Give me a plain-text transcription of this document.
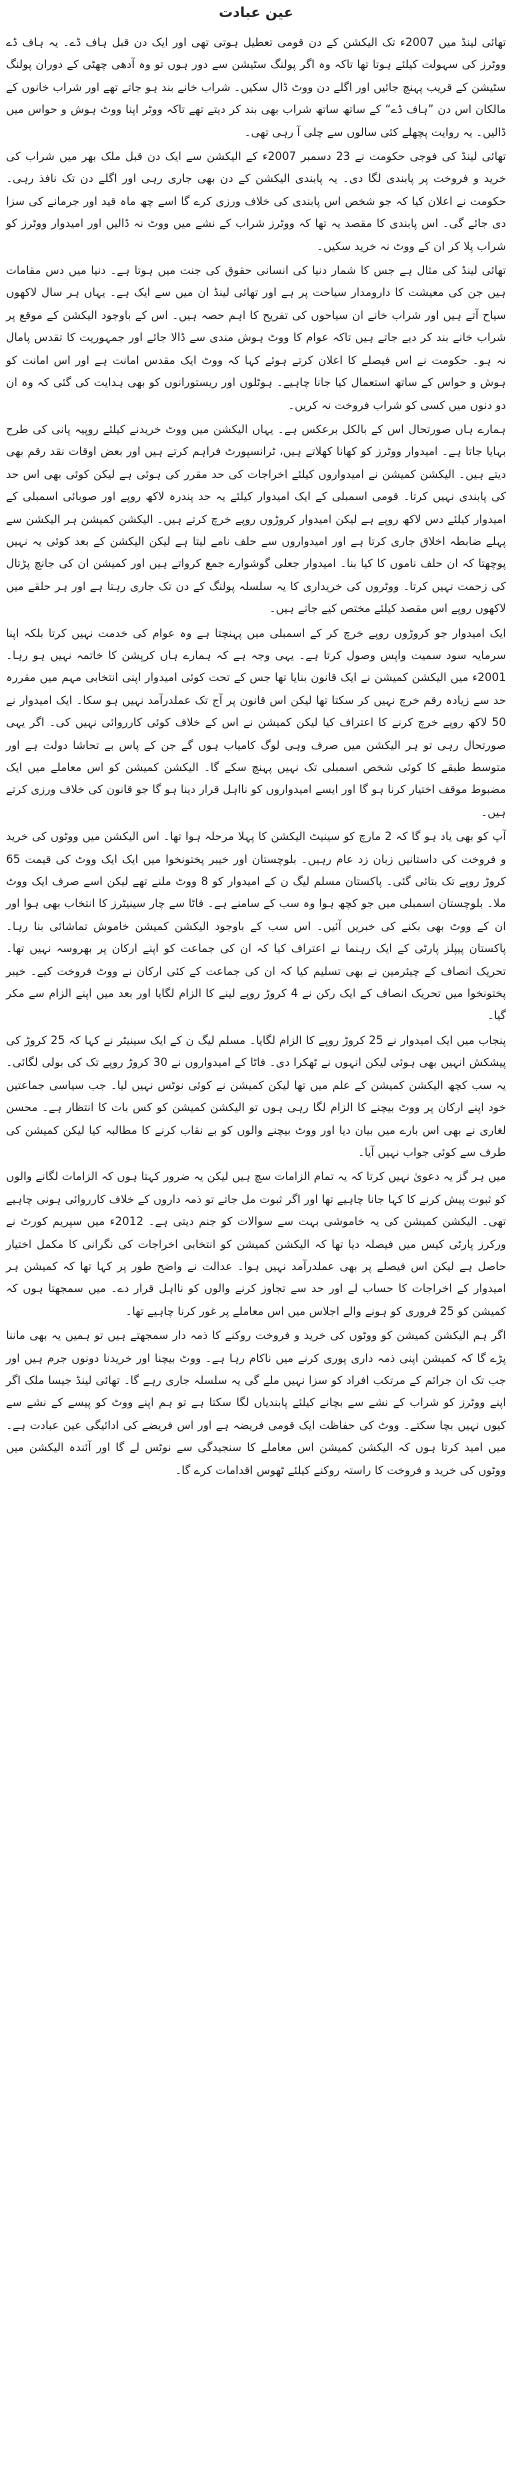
عین عبادت

تھائی لینڈ میں 2007ء تک الیکشن کے دن قومی تعطیل ہوتی تھی اور ایک دن قبل ہاف ڈے۔ یہ ہاف ڈے ووٹرز کی سہولت کیلئے ہوتا تھا تاکہ وہ اگر پولنگ سٹیشن سے دور ہوں تو وہ آدھی چھٹی کے دوران پولنگ سٹیشن کے قریب پہنچ جائیں اور اگلے دن ووٹ ڈال سکیں۔ شراب خانے بند ہو جاتے تھے اور شراب خانوں کے مالکان اس دن ”ہاف ڈے“ کے ساتھ ساتھ شراب بھی بند کر دیتے تھے تاکہ ووٹر اپنا ووٹ ہوش و حواس میں ڈالیں۔ یہ روایت پچھلے کئی سالوں سے چلی آ رہی تھی۔

تھائی لینڈ کی فوجی حکومت نے 23 دسمبر 2007ء کے الیکشن سے ایک دن قبل ملک بھر میں شراب کی خرید و فروخت پر پابندی لگا دی۔ یہ پابندی الیکشن کے دن بھی جاری رہی اور اگلے دن تک نافذ رہی۔ حکومت نے اعلان کیا کہ جو شخص اس پابندی کی خلاف ورزی کرے گا اسے چھ ماہ قید اور جرمانے کی سزا دی جائے گی۔ اس پابندی کا مقصد یہ تھا کہ ووٹرز شراب کے نشے میں ووٹ نہ ڈالیں اور امیدوار ووٹرز کو شراب پلا کر ان کے ووٹ نہ خرید سکیں۔

تھائی لینڈ کی مثال ہے جس کا شمار دنیا کی انسانی حقوق کی جنت میں ہوتا ہے۔ دنیا میں دس مقامات ہیں جن کی معیشت کا دارومدار سیاحت پر ہے اور تھائی لینڈ ان میں سے ایک ہے۔ یہاں ہر سال لاکھوں سیاح آتے ہیں اور شراب خانے ان سیاحوں کی تفریح کا اہم حصہ ہیں۔ اس کے باوجود الیکشن کے موقع پر شراب خانے بند کر دیے جاتے ہیں تاکہ عوام کا ووٹ ہوش مندی سے ڈالا جائے اور جمہوریت کا تقدس پامال نہ ہو۔ حکومت نے اس فیصلے کا اعلان کرتے ہوئے کہا کہ ووٹ ایک مقدس امانت ہے اور اس امانت کو ہوش و حواس کے ساتھ استعمال کیا جانا چاہیے۔ ہوٹلوں اور ریستورانوں کو بھی ہدایت کی گئی کہ وہ ان دو دنوں میں کسی کو شراب فروخت نہ کریں۔

ہمارے ہاں صورتحال اس کے بالکل برعکس ہے۔ یہاں الیکشن میں ووٹ خریدنے کیلئے روپیہ پانی کی طرح بہایا جاتا ہے۔ امیدوار ووٹرز کو کھانا کھلاتے ہیں، ٹرانسپورٹ فراہم کرتے ہیں اور بعض اوقات نقد رقم بھی دیتے ہیں۔ الیکشن کمیشن نے امیدواروں کیلئے اخراجات کی حد مقرر کی ہوئی ہے لیکن کوئی بھی اس حد کی پابندی نہیں کرتا۔ قومی اسمبلی کے ایک امیدوار کیلئے یہ حد پندرہ لاکھ روپے اور صوبائی اسمبلی کے امیدوار کیلئے دس لاکھ روپے ہے لیکن امیدوار کروڑوں روپے خرچ کرتے ہیں۔ الیکشن کمیشن ہر الیکشن سے پہلے ضابطہ اخلاق جاری کرتا ہے اور امیدواروں سے حلف نامے لیتا ہے لیکن الیکشن کے بعد کوئی یہ نہیں پوچھتا کہ ان حلف ناموں کا کیا بنا۔ امیدوار جعلی گوشوارے جمع کرواتے ہیں اور کمیشن ان کی جانچ پڑتال کی زحمت نہیں کرتا۔ ووٹروں کی خریداری کا یہ سلسلہ پولنگ کے دن تک جاری رہتا ہے اور ہر حلقے میں لاکھوں روپے اس مقصد کیلئے مختص کیے جاتے ہیں۔

ایک امیدوار جو کروڑوں روپے خرچ کر کے اسمبلی میں پہنچتا ہے وہ عوام کی خدمت نہیں کرتا بلکہ اپنا سرمایہ سود سمیت واپس وصول کرتا ہے۔ یہی وجہ ہے کہ ہمارے ہاں کرپشن کا خاتمہ نہیں ہو رہا۔ 2001ء میں الیکشن کمیشن نے ایک قانون بنایا تھا جس کے تحت کوئی امیدوار اپنی انتخابی مہم میں مقررہ حد سے زیادہ رقم خرچ نہیں کر سکتا تھا لیکن اس قانون پر آج تک عملدرآمد نہیں ہو سکا۔ ایک امیدوار نے 50 لاکھ روپے خرچ کرنے کا اعتراف کیا لیکن کمیشن نے اس کے خلاف کوئی کارروائی نہیں کی۔ اگر یہی صورتحال رہی تو ہر الیکشن میں صرف وہی لوگ کامیاب ہوں گے جن کے پاس بے تحاشا دولت ہے اور متوسط طبقے کا کوئی شخص اسمبلی تک نہیں پہنچ سکے گا۔ الیکشن کمیشن کو اس معاملے میں ایک مضبوط موقف اختیار کرنا ہو گا اور ایسے امیدواروں کو نااہل قرار دینا ہو گا جو قانون کی خلاف ورزی کرتے ہیں۔

آپ کو بھی یاد ہو گا کہ 2 مارچ کو سینیٹ الیکشن کا پہلا مرحلہ ہوا تھا۔ اس الیکشن میں ووٹوں کی خرید و فروخت کی داستانیں زبان زد عام رہیں۔ بلوچستان اور خیبر پختونخوا میں ایک ایک ووٹ کی قیمت 65 کروڑ روپے تک بتائی گئی۔ پاکستان مسلم لیگ ن کے امیدوار کو 8 ووٹ ملنے تھے لیکن اسے صرف ایک ووٹ ملا۔ بلوچستان اسمبلی میں جو کچھ ہوا وہ سب کے سامنے ہے۔ فاٹا سے چار سینیٹرز کا انتخاب بھی ہوا اور ان کے ووٹ بھی بکنے کی خبریں آئیں۔ اس سب کے باوجود الیکشن کمیشن خاموش تماشائی بنا رہا۔ پاکستان پیپلز پارٹی کے ایک رہنما نے اعتراف کیا کہ ان کی جماعت کو اپنے ارکان پر بھروسہ نہیں تھا۔ تحریک انصاف کے چیئرمین نے بھی تسلیم کیا کہ ان کی جماعت کے کئی ارکان نے ووٹ فروخت کیے۔ خیبر پختونخوا میں تحریک انصاف کے ایک رکن نے 4 کروڑ روپے لینے کا الزام لگایا اور بعد میں اپنے الزام سے مکر گیا۔

پنجاب میں ایک امیدوار نے 25 کروڑ روپے کا الزام لگایا۔ مسلم لیگ ن کے ایک سینیٹر نے کہا کہ 25 کروڑ کی پیشکش انہیں بھی ہوئی لیکن انہوں نے ٹھکرا دی۔ فاٹا کے امیدواروں نے 30 کروڑ روپے تک کی بولی لگائی۔ یہ سب کچھ الیکشن کمیشن کے علم میں تھا لیکن کمیشن نے کوئی نوٹس نہیں لیا۔ جب سیاسی جماعتیں خود اپنے ارکان پر ووٹ بیچنے کا الزام لگا رہی ہوں تو الیکشن کمیشن کو کس بات کا انتظار ہے۔ محسن لغاری نے بھی اس بارے میں بیان دیا اور ووٹ بیچنے والوں کو بے نقاب کرنے کا مطالبہ کیا لیکن کمیشن کی طرف سے کوئی جواب نہیں آیا۔

میں ہر گز یہ دعویٰ نہیں کرتا کہ یہ تمام الزامات سچ ہیں لیکن یہ ضرور کہتا ہوں کہ الزامات لگانے والوں کو ثبوت پیش کرنے کا کہا جانا چاہیے تھا اور اگر ثبوت مل جاتے تو ذمہ داروں کے خلاف کارروائی ہونی چاہیے تھی۔ الیکشن کمیشن کی یہ خاموشی بہت سے سوالات کو جنم دیتی ہے۔ 2012ء میں سپریم کورٹ نے ورکرز پارٹی کیس میں فیصلہ دیا تھا کہ الیکشن کمیشن کو انتخابی اخراجات کی نگرانی کا مکمل اختیار حاصل ہے لیکن اس فیصلے پر بھی عملدرآمد نہیں ہوا۔ عدالت نے واضح طور پر کہا تھا کہ کمیشن ہر امیدوار کے اخراجات کا حساب لے اور حد سے تجاوز کرنے والوں کو نااہل قرار دے۔ میں سمجھتا ہوں کہ کمیشن کو 25 فروری کو ہونے والے اجلاس میں اس معاملے پر غور کرنا چاہیے تھا۔

اگر ہم الیکشن کمیشن کو ووٹوں کی خرید و فروخت روکنے کا ذمہ دار سمجھتے ہیں تو ہمیں یہ بھی ماننا پڑے گا کہ کمیشن اپنی ذمہ داری پوری کرنے میں ناکام رہا ہے۔ ووٹ بیچنا اور خریدنا دونوں جرم ہیں اور جب تک ان جرائم کے مرتکب افراد کو سزا نہیں ملے گی یہ سلسلہ جاری رہے گا۔ تھائی لینڈ جیسا ملک اگر اپنے ووٹرز کو شراب کے نشے سے بچانے کیلئے پابندیاں لگا سکتا ہے تو ہم اپنے ووٹ کو پیسے کے نشے سے کیوں نہیں بچا سکتے۔ ووٹ کی حفاظت ایک قومی فریضہ ہے اور اس فریضے کی ادائیگی عین عبادت ہے۔ میں امید کرتا ہوں کہ الیکشن کمیشن اس معاملے کا سنجیدگی سے نوٹس لے گا اور آئندہ الیکشن میں ووٹوں کی خرید و فروخت کا راستہ روکنے کیلئے ٹھوس اقدامات کرے گا۔
